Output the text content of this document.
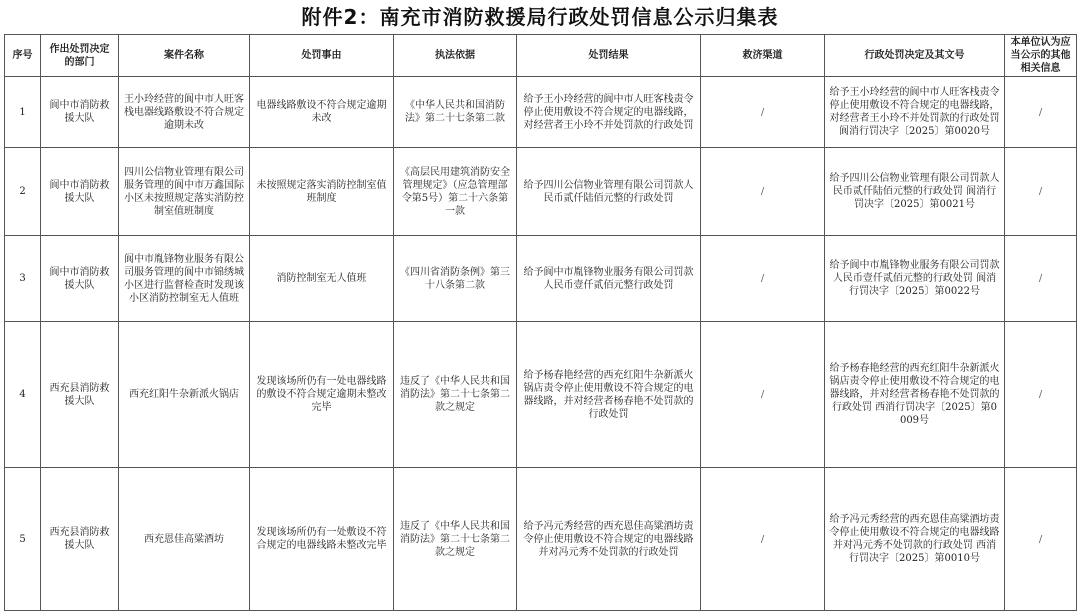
附件2：南充市消防救援局行政处罚信息公示归集表
序号	作出处罚决定的部门	案件名称	处罚事由	执法依据	处罚结果	救济渠道	行政处罚决定及其文号	本单位认为应当公示的其他相关信息
1	阆中市消防救援大队	王小玲经营的阆中市人旺客栈电器线路敷设不符合规定逾期未改	电器线路敷设不符合规定逾期未改	《中华人民共和国消防法》第二十七条第二款	给予王小玲经营的阆中市人旺客栈责令停止使用敷设不符合规定的电器线路，对经营者王小玲不并处罚款的行政处罚	/	给予王小玲经营的阆中市人旺客栈责令停止使用敷设不符合规定的电器线路，对经营者王小玲不并处罚款的行政处罚 阆消行罚决字〔2025〕第0020号	/
2	阆中市消防救援大队	四川公信物业管理有限公司服务管理的阆中市万鑫国际小区未按照规定落实消防控制室值班制度	未按照规定落实消防控制室值班制度	《高层民用建筑消防安全管理规定》（应急管理部令第5号）第二十六条第一款	给予四川公信物业管理有限公司罚款人民币贰仟陆佰元整的行政处罚	/	给予四川公信物业管理有限公司罚款人民币贰仟陆佰元整的行政处罚 阆消行罚决字〔2025〕第0021号	/
3	阆中市消防救援大队	阆中市胤锋物业服务有限公司服务管理的阆中市锦绣城小区进行监督检查时发现该小区消防控制室无人值班	消防控制室无人值班	《四川省消防条例》第三十八条第二款	给予阆中市胤锋物业服务有限公司罚款人民币壹仟贰佰元整行政处罚	/	给予阆中市胤锋物业服务有限公司罚款人民币壹仟贰佰元整的行政处罚 阆消行罚决字〔2025〕第0022号	/
4	西充县消防救援大队	西充红阳牛杂新派火锅店	发现该场所仍有一处电器线路的敷设不符合规定逾期未整改完毕	违反了《中华人民共和国消防法》第二十七条第二款之规定	给予杨春艳经营的西充红阳牛杂新派火锅店责令停止使用敷设不符合规定的电器线路，并对经营者杨春艳不处罚款的行政处罚	/	给予杨春艳经营的西充红阳牛杂新派火锅店责令停止使用敷设不符合规定的电器线路，并对经营者杨春艳不处罚款的行政处罚 西消行罚决字〔2025〕第0009号	/
5	西充县消防救援大队	西充恩佳高粱酒坊	发现该场所仍有一处敷设不符合规定的电器线路未整改完毕	违反了《中华人民共和国消防法》第二十七条第二款之规定	给予冯元秀经营的西充恩佳高粱酒坊责令停止使用敷设不符合规定的电器线路 并对冯元秀不处罚款的行政处罚	/	给予冯元秀经营的西充恩佳高粱酒坊责令停止使用敷设不符合规定的电器线路 并对冯元秀不处罚款的行政处罚 西消行罚决字〔2025〕第0010号	/
